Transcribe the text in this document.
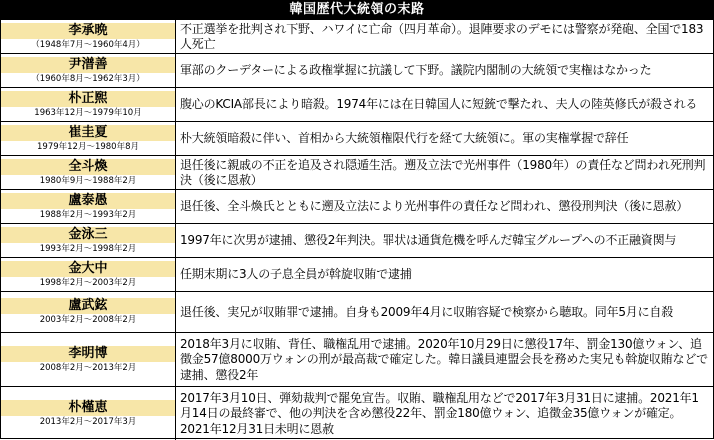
韓国歴代大統領の末路
李承晩
（1948年7月～1960年4月）
不正選挙を批判され下野、ハワイに亡命（四月革命）。退陣要求のデモには警察が発砲、全国で183人死亡
尹潽善
（1960年8月～1962年3月）
軍部のクーデターによる政権掌握に抗議して下野。議院内閣制の大統領で実権はなかった
朴正煕
1963年12月～1979年10月
腹心のKCIA部長により暗殺。1974年には在日韓国人に短銃で撃たれ、夫人の陸英修氏が殺される
崔圭夏
1979年12月～1980年8月
朴大統領暗殺に伴い、首相から大統領権限代行を経て大統領に。軍の実権掌握で辞任
全斗煥
1980年9月～1988年2月
退任後に親戚の不正を追及され隠遁生活。遡及立法で光州事件（1980年）の責任など問われ死刑判決（後に恩赦）
盧泰愚
1988年2月～1993年2月
退任後、全斗煥氏とともに遡及立法により光州事件の責任など問われ、懲役刑判決（後に恩赦）
金泳三
1993年2月～1998年2月
1997年に次男が逮捕、懲役2年判決。罪状は通貨危機を呼んだ韓宝グループへの不正融資関与
金大中
1998年2月～2003年2月
任期末期に3人の子息全員が斡旋収賄で逮捕
盧武鉉
2003年2月～2008年2月
退任後、実兄が収賄罪で逮捕。自身も2009年4月に収賄容疑で検察から聴取。同年5月に自殺
李明博
2008年2月～2013年2月
2018年3月に収賄、背任、職権乱用で逮捕。2020年10月29日に懲役17年、罰金130億ウォン、追徴金57億8000万ウォンの刑が最高裁で確定した。韓日議員連盟会長を務めた実兄も斡旋収賄などで逮捕、懲役2年
朴槿恵
2013年2月～2017年3月
2017年3月10日、弾劾裁判で罷免宣告。収賄、職権乱用などで2017年3月31日に逮捕。2021年1月14日の最終審で、他の判決を含め懲役22年、罰金180億ウォン、追徴金35億ウォンが確定。2021年12月31日未明に恩赦
